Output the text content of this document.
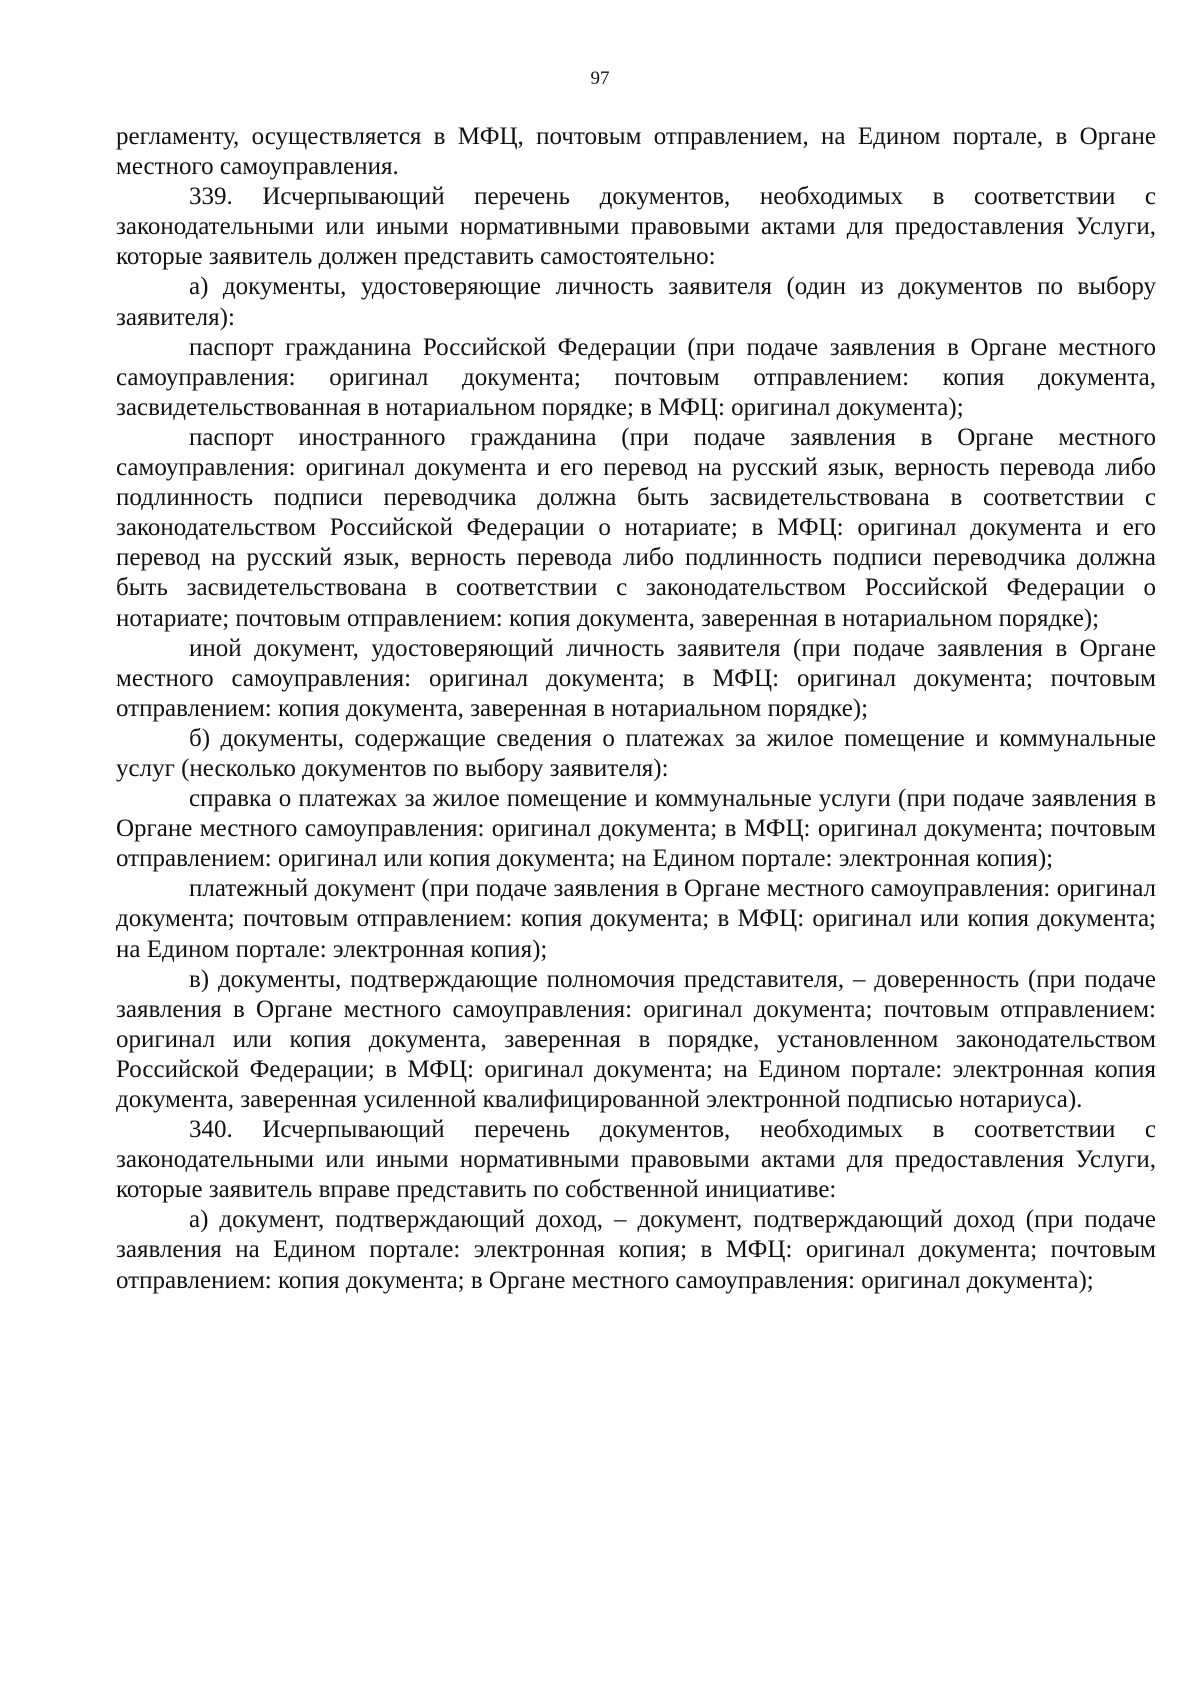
97

регламенту, осуществляется в МФЦ, почтовым отправлением, на Едином портале, в Органе местного самоуправления.

339. Исчерпывающий перечень документов, необходимых в соответствии с законодательными или иными нормативными правовыми актами для предоставления Услуги, которые заявитель должен представить самостоятельно:

а) документы, удостоверяющие личность заявителя (один из документов по выбору заявителя):

паспорт гражданина Российской Федерации (при подаче заявления в Органе местного самоуправления: оригинал документа; почтовым отправлением: копия документа, засвидетельствованная в нотариальном порядке; в МФЦ: оригинал документа);

паспорт иностранного гражданина (при подаче заявления в Органе местного самоуправления: оригинал документа и его перевод на русский язык, верность перевода либо подлинность подписи переводчика должна быть засвидетельствована в соответствии с законодательством Российской Федерации о нотариате; в МФЦ: оригинал документа и его перевод на русский язык, верность перевода либо подлинность подписи переводчика должна быть засвидетельствована в соответствии с законодательством Российской Федерации о нотариате; почтовым отправлением: копия документа, заверенная в нотариальном порядке);

иной документ, удостоверяющий личность заявителя (при подаче заявления в Органе местного самоуправления: оригинал документа; в МФЦ: оригинал документа; почтовым отправлением: копия документа, заверенная в нотариальном порядке);

б) документы, содержащие сведения о платежах за жилое помещение и коммунальные услуг (несколько документов по выбору заявителя):

справка о платежах за жилое помещение и коммунальные услуги (при подаче заявления в Органе местного самоуправления: оригинал документа; в МФЦ: оригинал документа; почтовым отправлением: оригинал или копия документа; на Едином портале: электронная копия);

платежный документ (при подаче заявления в Органе местного самоуправления: оригинал документа; почтовым отправлением: копия документа; в МФЦ: оригинал или копия документа; на Едином портале: электронная копия);

в) документы, подтверждающие полномочия представителя, – доверенность (при подаче заявления в Органе местного самоуправления: оригинал документа; почтовым отправлением: оригинал или копия документа, заверенная в порядке, установленном законодательством Российской Федерации; в МФЦ: оригинал документа; на Едином портале: электронная копия документа, заверенная усиленной квалифицированной электронной подписью нотариуса).

340. Исчерпывающий перечень документов, необходимых в соответствии с законодательными или иными нормативными правовыми актами для предоставления Услуги, которые заявитель вправе представить по собственной инициативе:

а) документ, подтверждающий доход, – документ, подтверждающий доход (при подаче заявления на Едином портале: электронная копия; в МФЦ: оригинал документа; почтовым отправлением: копия документа; в Органе местного самоуправления: оригинал документа);
